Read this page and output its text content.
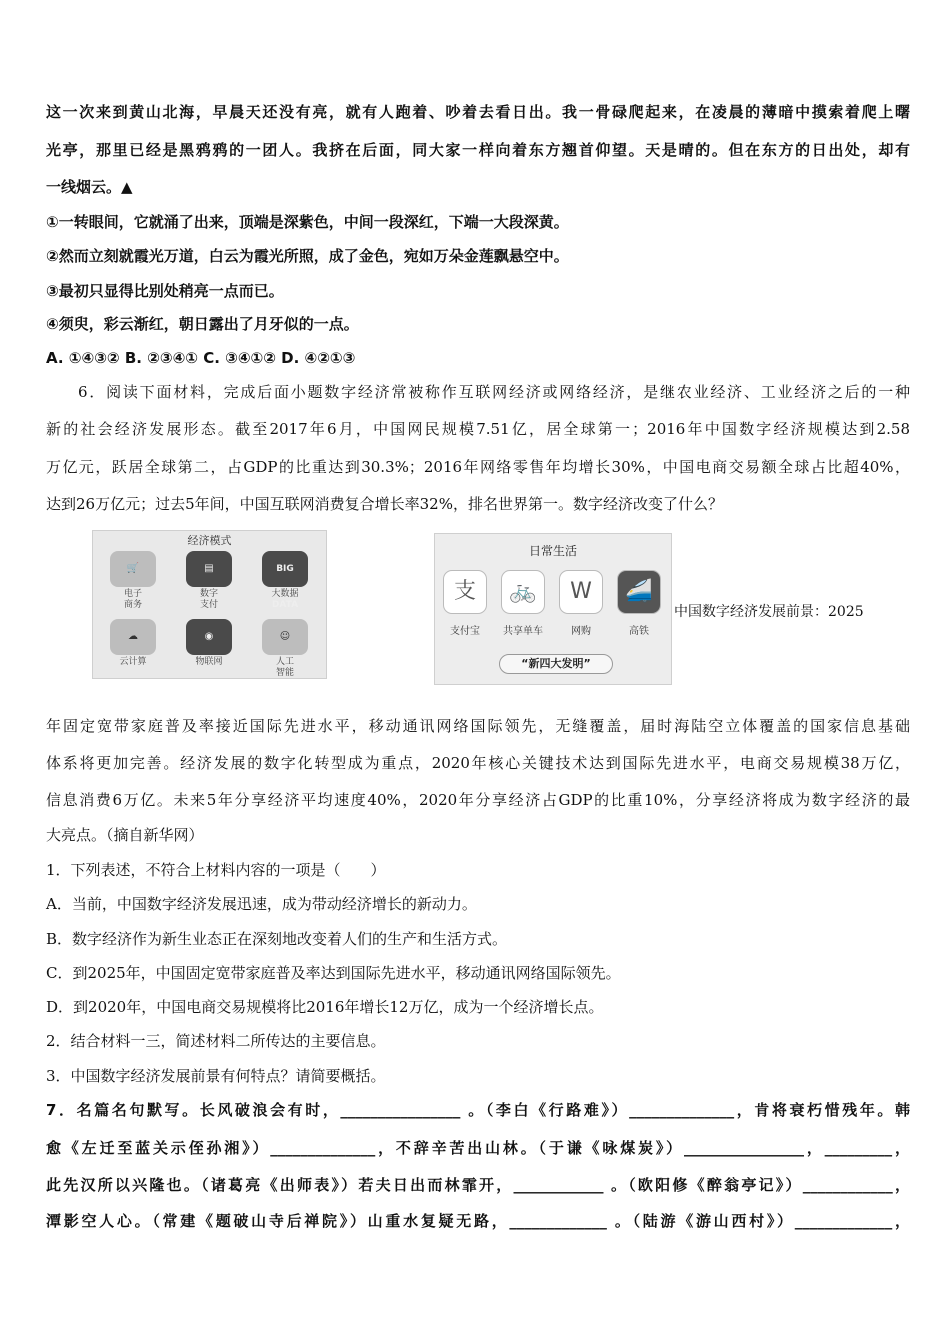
这一次来到黄山北海，早晨天还没有亮，就有人跑着、吵着去看日出。我一骨碌爬起来，在凌晨的薄暗中摸索着爬上曙
光亭，那里已经是黑鸦鸦的一团人。我挤在后面，同大家一样向着东方翘首仰望。天是晴的。但在东方的日出处，却有
一线烟云。▲
①一转眼间，它就涌了出来，顶端是深紫色，中间一段深红，下端一大段深黄。
②然而立刻就霞光万道，白云为霞光所照，成了金色，宛如万朵金莲飘悬空中。
③最初只显得比别处稍亮一点而已。
④须臾，彩云渐红，朝日露出了月牙似的一点。
A. ①④③② B. ②③④① C. ③④①② D. ④②①③
6．阅读下面材料，完成后面小题数字经济常被称作互联网经济或网络经济，是继农业经济、工业经济之后的一种
新的社会经济发展形态。截至2017年6月，中国网民规模7.51亿，居全球第一；2016年中国数字经济规模达到2.58
万亿元，跃居全球第二，占GDP的比重达到30.3%；2016年网络零售年均增长30%，中国电商交易额全球占比超40%，
达到26万亿元；过去5年间，中国互联网消费复合增长率32%，排名世界第一。数字经济改变了什么？
经济模式
🛒
电子
商务
▤
数字
支付
BIG DATA
大数据
☁
云计算
◉
物联网
☺
人工
智能
日常生活
支
支付宝
🚲
共享单车
W
网购
🚄
高铁
“新四大发明”
中国数字经济发展前景：2025
年固定宽带家庭普及率接近国际先进水平，移动通讯网络国际领先，无缝覆盖，届时海陆空立体覆盖的国家信息基础
体系将更加完善。经济发展的数字化转型成为重点，2020年核心关键技术达到国际先进水平，电商交易规模38万亿，
信息消费6万亿。未来5年分享经济平均速度40%，2020年分享经济占GDP的比重10%，分享经济将成为数字经济的最
大亮点。（摘自新华网）
1．下列表述，不符合上材料内容的一项是（　　）
A．当前，中国数字经济发展迅速，成为带动经济增长的新动力。
B．数字经济作为新生业态正在深刻地改变着人们的生产和生活方式。
C．到2025年，中国固定宽带家庭普及率达到国际先进水平，移动通讯网络国际领先。
D．到2020年，中国电商交易规模将比2016年增长12万亿，成为一个经济增长点。
2．结合材料一三，简述材料二所传达的主要信息。
3．中国数字经济发展前景有何特点？请简要概括。
7．名篇名句默写。长风破浪会有时，________________ 。（李白《行路难》）______________，肯将衰朽惜残年。韩
愈《左迁至蓝关示侄孙湘》）______________，不辞辛苦出山林。（于谦《咏煤炭》）________________，_________，
此先汉所以兴隆也。（诸葛亮《出师表》）若夫日出而林霏开，____________ 。（欧阳修《醉翁亭记》）____________，
潭影空人心。（常建《题破山寺后禅院》）山重水复疑无路，_____________ 。（陆游《游山西村》）_____________，
